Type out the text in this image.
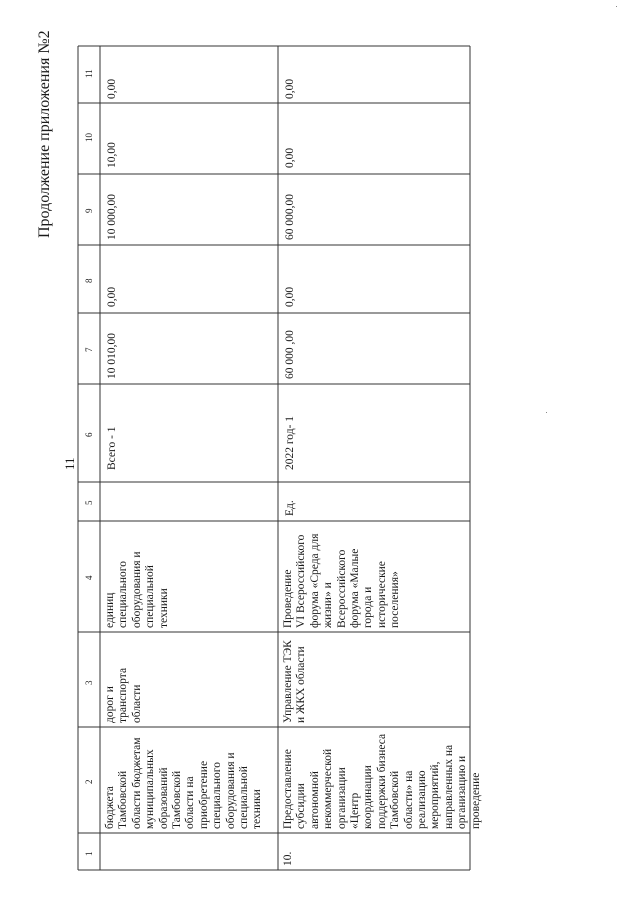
11
Продолжение приложения №2
1
2
3
4
5
6
7
8
9
10
11
бюджета Тамбовской области бюджетам муниципальных образований Тамбовской области на приобретение специального оборудования и специальной техники
дорог и транспорта области
единиц специального оборудования и специальной техники
Всего - 1
10 010,00
0,00
10 000,00
10,00
0,00
10.
Предоставление субсидии автономной некоммерческой организации «Центр координации поддержки бизнеса Тамбовской области» на реализацию мероприятий, направленных на организацию и проведение
Управление ТЭК и ЖКХ области
Проведение VI Всероссийского форума «Среда для жизни» и Всероссийского форума «Малые города и исторические поселения»
Ед.
2022 год- 1
60 000 ,00
0,00
60 000,00
0,00
0,00
